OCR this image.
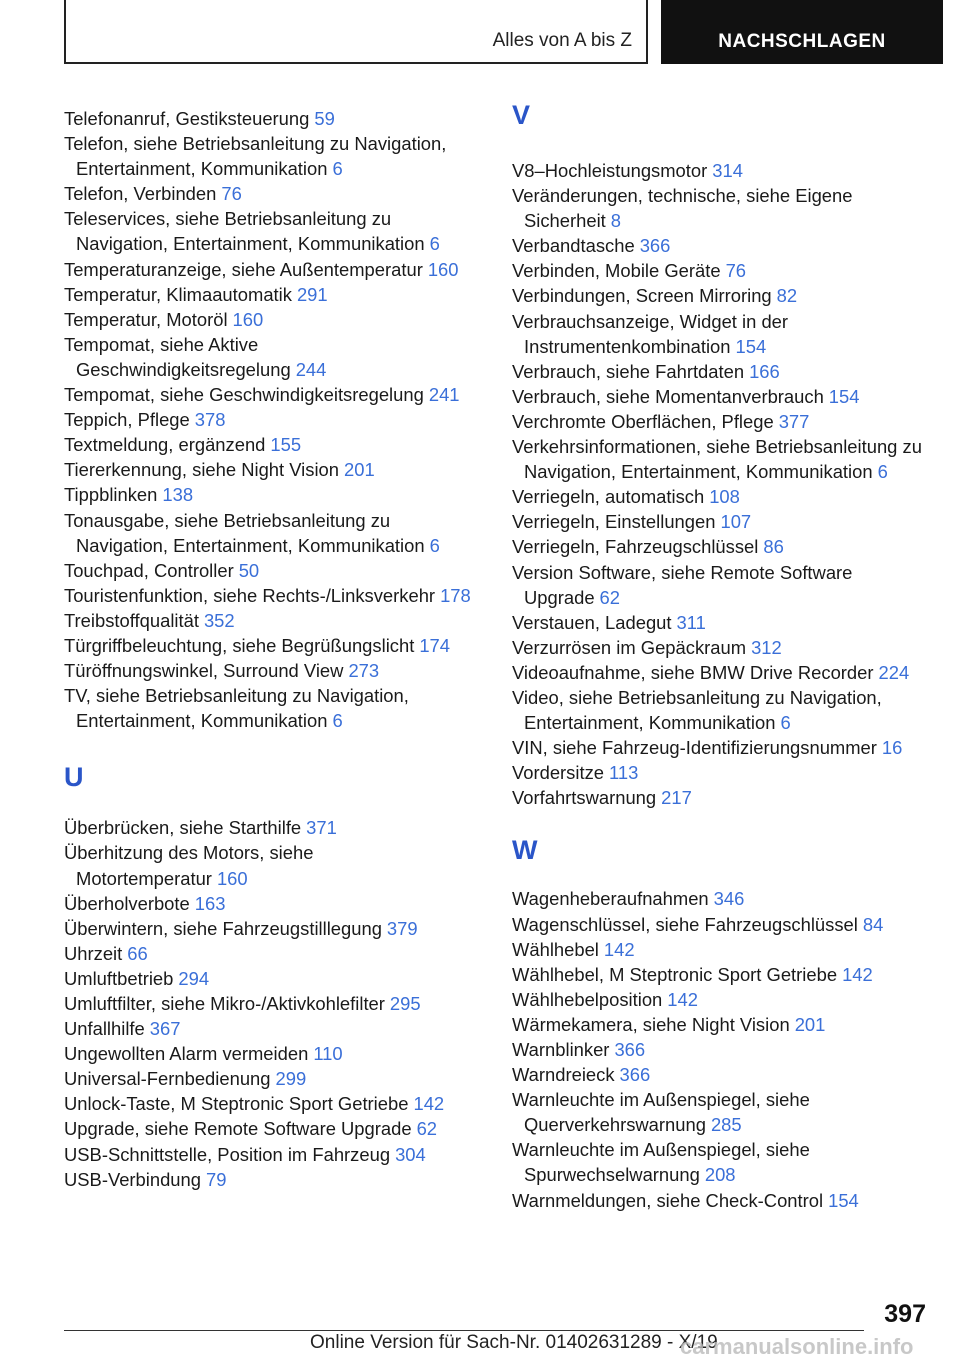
Alles von A bis Z	NACHSCHLAGEN

Telefonanruf, Gestiksteuerung 59

Telefon, siehe Betriebsanleitung zu Navigation, Entertainment, Kommunikation 6

Telefon, Verbinden 76

Teleservices, siehe Betriebsanleitung zu Navigation, Entertainment, Kommunikation 6

Temperaturanzeige, siehe Außentemperatur 160

Temperatur, Klimaautomatik 291

Temperatur, Motoröl 160

Tempomat, siehe Aktive Geschwindigkeitsregelung 244

Tempomat, siehe Geschwindigkeitsregelung 241

Teppich, Pflege 378

Textmeldung, ergänzend 155

Tiererkennung, siehe Night Vision 201

Tippblinken 138

Tonausgabe, siehe Betriebsanleitung zu Navigation, Entertainment, Kommunikation 6

Touchpad, Controller 50

Touristenfunktion, siehe Rechts-/Linksverkehr 178

Treibstoffqualität 352

Türgriffbeleuchtung, siehe Begrüßungslicht 174

Türöffnungswinkel, Surround View 273

TV, siehe Betriebsanleitung zu Navigation, Entertainment, Kommunikation 6

U

Überbrücken, siehe Starthilfe 371

Überhitzung des Motors, siehe Motortemperatur 160

Überholverbote 163

Überwintern, siehe Fahrzeugstilllegung 379

Uhrzeit 66

Umluftbetrieb 294

Umluftfilter, siehe Mikro-/Aktivkohlefilter 295

Unfallhilfe 367

Ungewollten Alarm vermeiden 110

Universal-Fernbedienung 299

Unlock-Taste, M Steptronic Sport Getriebe 142

Upgrade, siehe Remote Software Upgrade 62

USB-Schnittstelle, Position im Fahrzeug 304

USB-Verbindung 79

V

V8–Hochleistungsmotor 314

Veränderungen, technische, siehe Eigene Sicherheit 8

Verbandtasche 366

Verbinden, Mobile Geräte 76

Verbindungen, Screen Mirroring 82

Verbrauchsanzeige, Widget in der Instrumentenkombination 154

Verbrauch, siehe Fahrtdaten 166

Verbrauch, siehe Momentanverbrauch 154

Verchromte Oberflächen, Pflege 377

Verkehrsinformationen, siehe Betriebsanleitung zu Navigation, Entertainment, Kommunikation 6

Verriegeln, automatisch 108

Verriegeln, Einstellungen 107

Verriegeln, Fahrzeugschlüssel 86

Version Software, siehe Remote Software Upgrade 62

Verstauen, Ladegut 311

Verzurrösen im Gepäckraum 312

Videoaufnahme, siehe BMW Drive Recorder 224

Video, siehe Betriebsanleitung zu Navigation, Entertainment, Kommunikation 6

VIN, siehe Fahrzeug-Identifizierungsnummer 16

Vordersitze 113

Vorfahrtswarnung 217

W

Wagenheberaufnahmen 346

Wagenschlüssel, siehe Fahrzeugschlüssel 84

Wählhebel 142

Wählhebel, M Steptronic Sport Getriebe 142

Wählhebelposition 142

Wärmekamera, siehe Night Vision 201

Warnblinker 366

Warndreieck 366

Warnleuchte im Außenspiegel, siehe Querverkehrswarnung 285

Warnleuchte im Außenspiegel, siehe Spurwechselwarnung 208

Warnmeldungen, siehe Check-Control 154

397
Online Version für Sach-Nr. 01402631289 - X/19
carmanualsonline.info
